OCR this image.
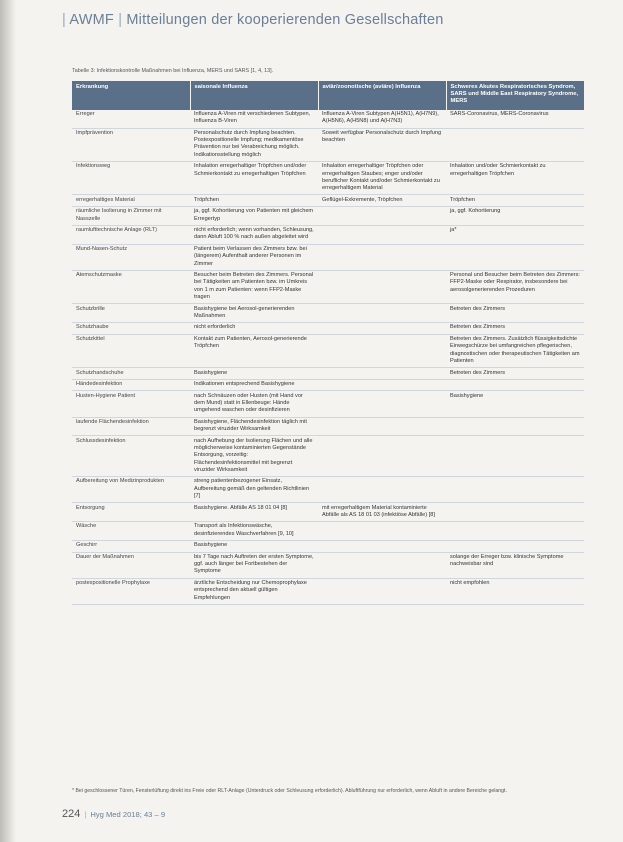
| AWMF | Mitteilungen der kooperierenden Gesellschaften
Tabelle 3: Infektionskontrolle Maßnahmen bei Influenza, MERS und SARS [1, 4, 13].
Erkrankung	saisonale Influenza	aviär/zoonotische (aviäre) Influenza	Schweres Akutes Respiratorisches Syndrom, SARS und Middle East Respiratory Syndrome, MERS
Erreger	Influenza A-Viren mit verschiedenen Subtypen, Influenza B-Viren	Influenza A-Viren Subtypen A(H5N1), A(H7N9), A(H5N6), A(H5N8) und A(H7N3)	SARS-Coronavirus, MERS-Coronavirus
Impfprävention	Personalschutz durch Impfung beachten. Postexpositionelle Impfung; medikamentöse Prävention nur bei Verabreichung möglich. Indikationsstellung möglich	Soweit verfügbar Personalschutz durch Impfung beachten	
Infektionsweg	Inhalation erregerhaltiger Tröpfchen und/oder Schmierkontakt zu erregerhaltigen Tröpfchen	Inhalation erregerhaltiger Tröpfchen oder erregerhaltigen Staubes; enger und/oder beruflicher Kontakt und/oder Schmierkontakt zu erregerhaltigem Material	Inhalation und/oder Schmierkontakt zu erregerhaltigen Tröpfchen
erregerhaltiges Material	Tröpfchen	Geflügel-Exkremente, Tröpfchen	Tröpfchen
räumliche Isolierung in Zimmer mit Nasszelle	ja, ggf. Kohortierung von Patienten mit gleichem Erregertyp		ja, ggf. Kohortierung
raumlufttechnische Anlage (RLT)	nicht erforderlich; wenn vorhanden, Schleusung, dann Abluft 100 % nach außen abgeleitet wird		ja*
Mund-Nasen-Schutz	Patient beim Verlassen des Zimmers bzw. bei (längerem) Aufenthalt anderer Personen im Zimmer		
Atemschutzmaske	Besucher beim Betreten des Zimmers. Personal bei Tätigkeiten am Patienten bzw. im Umkreis von 1 m zum Patienten: wenn FFP2-Maske tragen		Personal und Besucher beim Betreten des Zimmers: FFP2-Maske oder Respirator, insbesondere bei aerosolgenerierenden Prozeduren
Schutzbrille	Basishygiene bei Aerosol-generierenden Maßnahmen		Betreten des Zimmers
Schutzhaube	nicht erforderlich		Betreten des Zimmers
Schutzkittel	Kontakt zum Patienten, Aerosol-generierende Tröpfchen		Betreten des Zimmers. Zusätzlich flüssigkeitsdichte Einwegschürze bei umfangreichen pflegerischen, diagnostischen oder therapeutischen Tätigkeiten am Patienten
Schutzhandschuhe	Basishygiene		Betreten des Zimmers
Händedesinfektion	Indikationen entsprechend Basishygiene		
Husten-Hygiene Patient	nach Schnäuzen oder Husten (mit Hand vor dem Mund) statt in Ellenbeuge: Hände umgehend waschen oder desinfizieren		Basishygiene
laufende Flächendesinfektion	Basishygiene, Flächendesinfektion täglich mit begrenzt viruzider Wirksamkeit		
Schlussdesinfektion	nach Aufhebung der Isolierung Flächen und alle möglicherweise kontaminierten Gegenstände Entsorgung, vorzeitig: Flächendesinfektionsmittel mit begrenzt viruzider Wirksamkeit		
Aufbereitung von Medizinprodukten	streng patientenbezogener Einsatz, Aufbereitung gemäß den geltenden Richtlinien [7]		
Entsorgung	Basishygiene. Abfälle AS 18 01 04 [8]	mit erregerhaltigem Material kontaminierte Abfälle als AS 18 01 03 (infektiöse Abfälle) [8]	
Wäsche	Transport als Infektionswäsche, desinfizierendes Waschverfahren [9, 10]		
Geschirr	Basishygiene		
Dauer der Maßnahmen	bis 7 Tage nach Auftreten der ersten Symptome, ggf. auch länger bei Fortbestehen der Symptome		solange der Erreger bzw. klinische Symptome nachweisbar sind
postexpositionelle Prophylaxe	ärztliche Entscheidung nur Chemoprophylaxe entsprechend den aktuell gültigen Empfehlungen		nicht empfohlen
* Bei geschlossener Türen, Fensterlüftung direkt ins Freie oder RLT-Anlage (Unterdruck oder Schleusung erforderlich). Abluftführung nur erforderlich, wenn Abluft in andere Bereiche gelangt.
224 | Hyg Med 2018; 43 – 9
